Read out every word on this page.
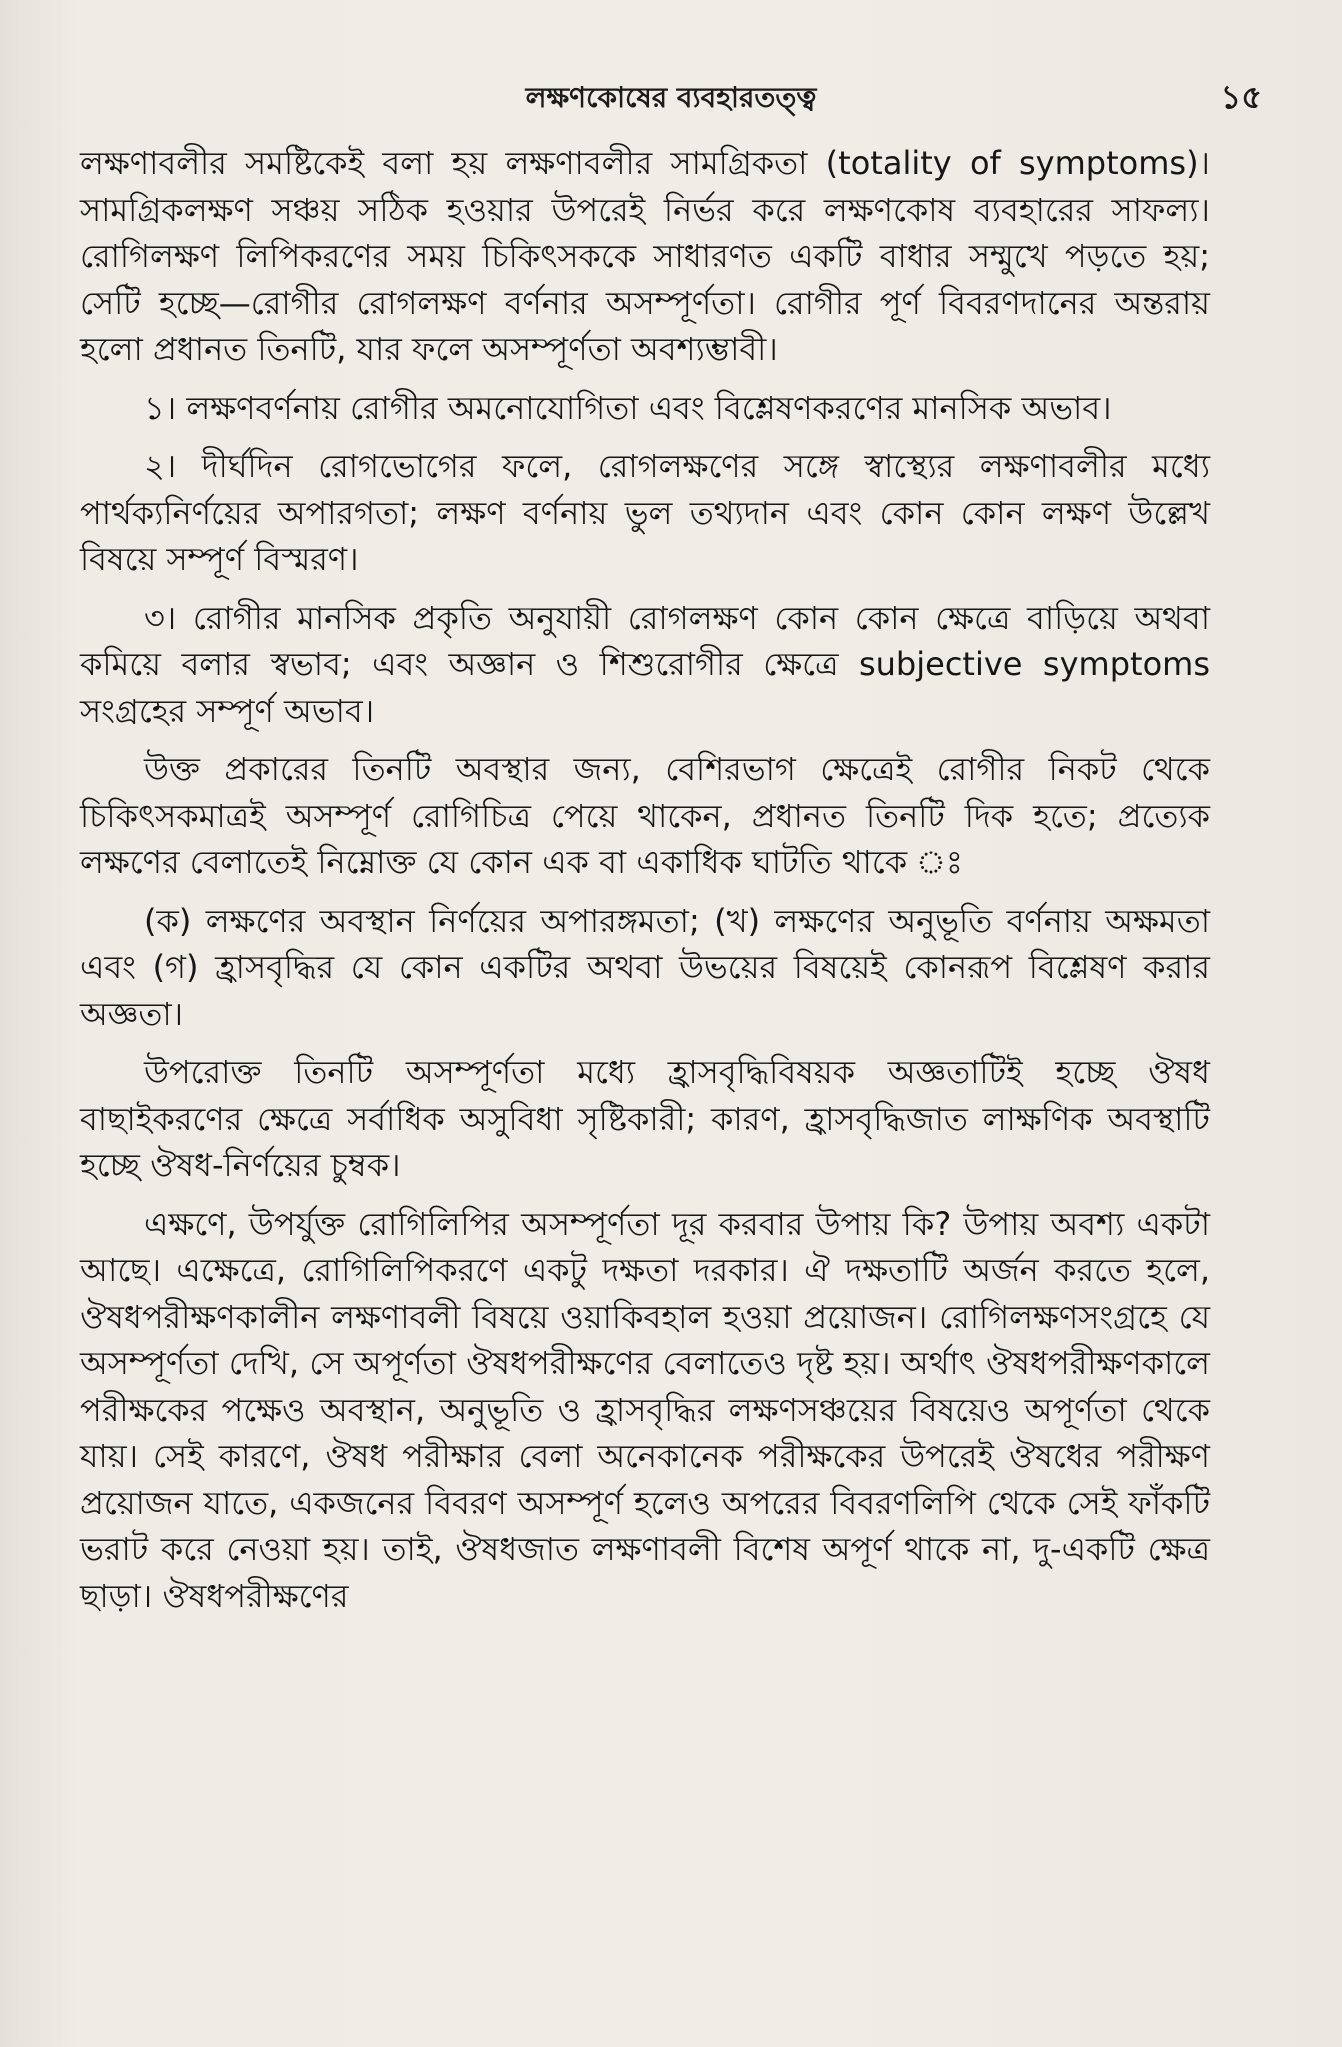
লক্ষণকোষের ব্যবহারতত্ত্ব	১৫

লক্ষণাবলীর সমষ্টিকেই বলা হয় লক্ষণাবলীর সামগ্রিকতা (totality of symptoms)। সামগ্রিকলক্ষণ সঞ্চয় সঠিক হওয়ার উপরেই নির্ভর করে লক্ষণকোষ ব্যবহারের সাফল্য। রোগিলক্ষণ লিপিকরণের সময় চিকিৎসককে সাধারণত একটি বাধার সম্মুখে পড়তে হয়; সেটি হচ্ছে—রোগীর রোগলক্ষণ বর্ণনার অসম্পূর্ণতা। রোগীর পূর্ণ বিবরণদানের অন্তরায় হলো প্রধানত তিনটি, যার ফলে অসম্পূর্ণতা অবশ্যম্ভাবী।

১। লক্ষণবর্ণনায় রোগীর অমনোযোগিতা এবং বিশ্লেষণকরণের মানসিক অভাব।

২। দীর্ঘদিন রোগভোগের ফলে, রোগলক্ষণের সঙ্গে স্বাস্থ্যের লক্ষণাবলীর মধ্যে পার্থক্যনির্ণয়ের অপারগতা; লক্ষণ বর্ণনায় ভুল তথ্যদান এবং কোন কোন লক্ষণ উল্লেখ বিষয়ে সম্পূর্ণ বিস্মরণ।

৩। রোগীর মানসিক প্রকৃতি অনুযায়ী রোগলক্ষণ কোন কোন ক্ষেত্রে বাড়িয়ে অথবা কমিয়ে বলার স্বভাব; এবং অজ্ঞান ও শিশুরোগীর ক্ষেত্রে subjective symptoms সংগ্রহের সম্পূর্ণ অভাব।

উক্ত প্রকারের তিনটি অবস্থার জন্য, বেশিরভাগ ক্ষেত্রেই রোগীর নিকট থেকে চিকিৎসকমাত্রই অসম্পূর্ণ রোগিচিত্র পেয়ে থাকেন, প্রধানত তিনটি দিক হতে; প্রত্যেক লক্ষণের বেলাতেই নিম্নোক্ত যে কোন এক বা একাধিক ঘাটতি থাকে ঃ

(ক) লক্ষণের অবস্থান নির্ণয়ের অপারঙ্গমতা; (খ) লক্ষণের অনুভূতি বর্ণনায় অক্ষমতা এবং (গ) হ্রাসবৃদ্ধির যে কোন একটির অথবা উভয়ের বিষয়েই কোনরূপ বিশ্লেষণ করার অজ্ঞতা।

উপরোক্ত তিনটি অসম্পূর্ণতা মধ্যে হ্রাসবৃদ্ধিবিষয়ক অজ্ঞতাটিই হচ্ছে ঔষধ বাছাইকরণের ক্ষেত্রে সর্বাধিক অসুবিধা সৃষ্টিকারী; কারণ, হ্রাসবৃদ্ধিজাত লাক্ষণিক অবস্থাটি হচ্ছে ঔষধ-নির্ণয়ের চুম্বক।

এক্ষণে, উপর্যুক্ত রোগিলিপির অসম্পূর্ণতা দূর করবার উপায় কি? উপায় অবশ্য একটা আছে। এক্ষেত্রে, রোগিলিপিকরণে একটু দক্ষতা দরকার। ঐ দক্ষতাটি অর্জন করতে হলে, ঔষধপরীক্ষণকালীন লক্ষণাবলী বিষয়ে ওয়াকিবহাল হওয়া প্রয়োজন। রোগিলক্ষণসংগ্রহে যে অসম্পূর্ণতা দেখি, সে অপূর্ণতা ঔষধপরীক্ষণের বেলাতেও দৃষ্ট হয়। অর্থাৎ ঔষধপরীক্ষণকালে পরীক্ষকের পক্ষেও অবস্থান, অনুভূতি ও হ্রাসবৃদ্ধির লক্ষণসঞ্চয়ের বিষয়েও অপূর্ণতা থেকে যায়। সেই কারণে, ঔষধ পরীক্ষার বেলা অনেকানেক পরীক্ষকের উপরেই ঔষধের পরীক্ষণ প্রয়োজন যাতে, একজনের বিবরণ অসম্পূর্ণ হলেও অপরের বিবরণলিপি থেকে সেই ফাঁকটি ভরাট করে নেওয়া হয়। তাই, ঔষধজাত লক্ষণাবলী বিশেষ অপূর্ণ থাকে না, দু-একটি ক্ষেত্র ছাড়া। ঔষধপরীক্ষণের
